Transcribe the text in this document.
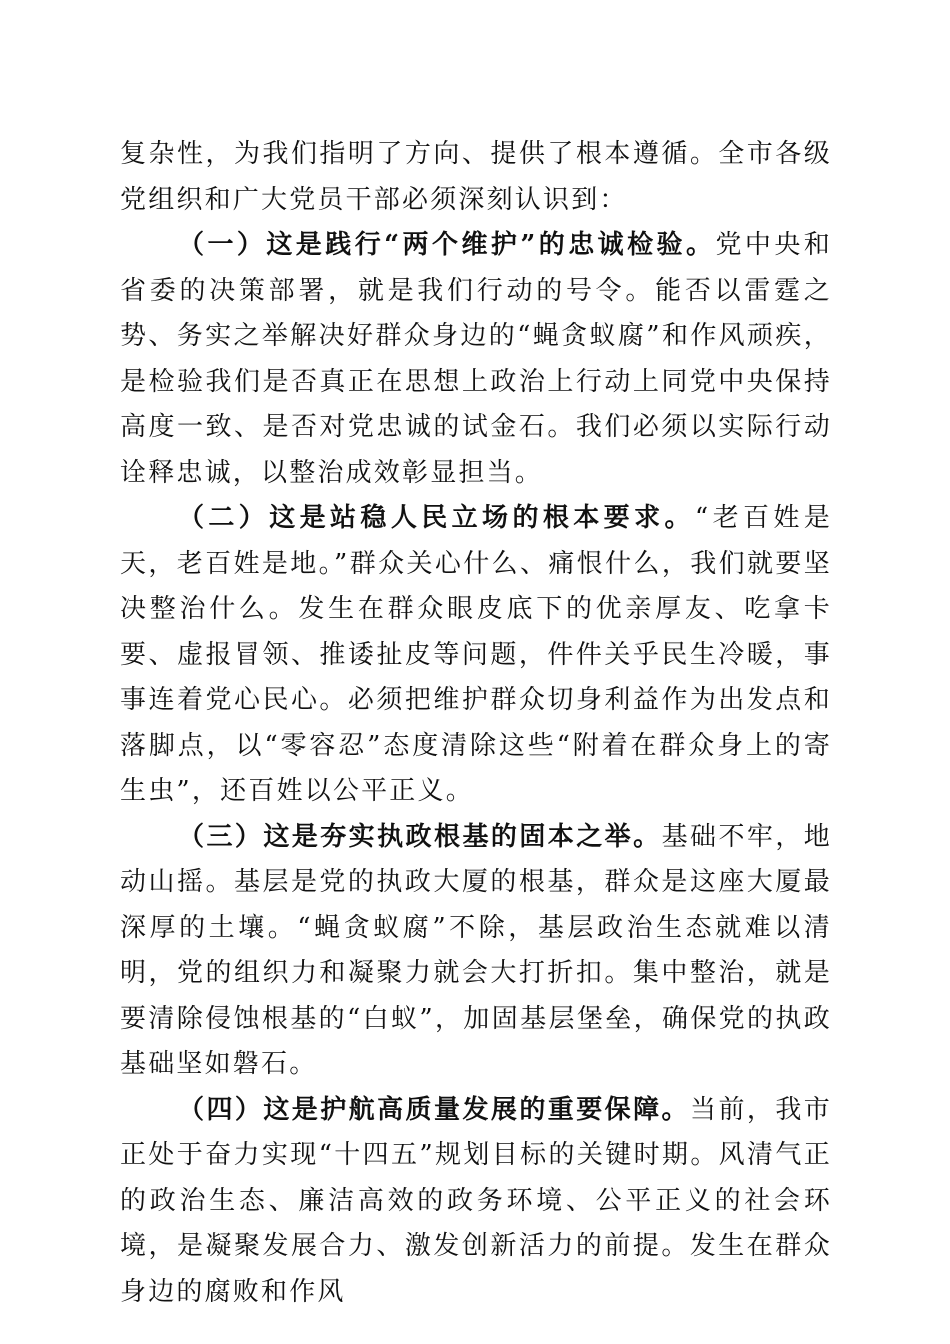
复杂性，为我们指明了方向、提供了根本遵循。全市各级党组织和广大党员干部必须深刻认识到：

（一）这是践行“两个维护”的忠诚检验。党中央和省委的决策部署，就是我们行动的号令。能否以雷霆之势、务实之举解决好群众身边的“蝇贪蚁腐”和作风顽疾，是检验我们是否真正在思想上政治上行动上同党中央保持高度一致、是否对党忠诚的试金石。我们必须以实际行动诠释忠诚，以整治成效彰显担当。

（二）这是站稳人民立场的根本要求。“老百姓是天，老百姓是地。”群众关心什么、痛恨什么，我们就要坚决整治什么。发生在群众眼皮底下的优亲厚友、吃拿卡要、虚报冒领、推诿扯皮等问题，件件关乎民生冷暖，事事连着党心民心。必须把维护群众切身利益作为出发点和落脚点，以“零容忍”态度清除这些“附着在群众身上的寄生虫”，还百姓以公平正义。

（三）这是夯实执政根基的固本之举。基础不牢，地动山摇。基层是党的执政大厦的根基，群众是这座大厦最深厚的土壤。“蝇贪蚁腐”不除，基层政治生态就难以清明，党的组织力和凝聚力就会大打折扣。集中整治，就是要清除侵蚀根基的“白蚁”，加固基层堡垒，确保党的执政基础坚如磐石。

（四）这是护航高质量发展的重要保障。当前，我市正处于奋力实现“十四五”规划目标的关键时期。风清气正的政治生态、廉洁高效的政务环境、公平正义的社会环境，是凝聚发展合力、激发创新活力的前提。发生在群众身边的腐败和作风
